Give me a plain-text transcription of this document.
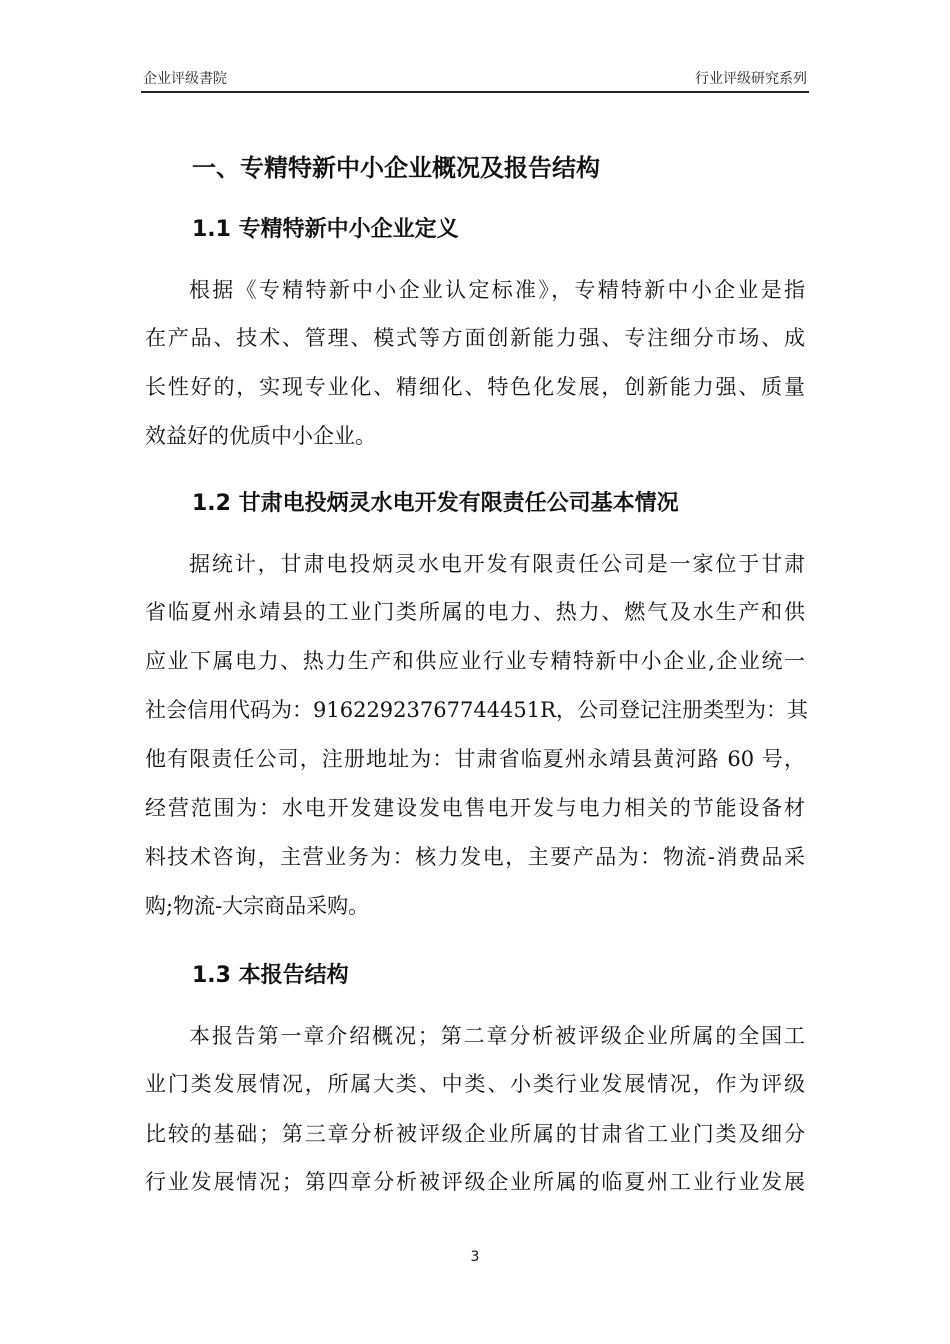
企业评级書院	行业评级研究系列
一、专精特新中小企业概况及报告结构
1.1 专精特新中小企业定义
根据《专精特新中小企业认定标准》，专精特新中小企业是指
在产品、技术、管理、模式等方面创新能力强、专注细分市场、成
长性好的，实现专业化、精细化、特色化发展，创新能力强、质量
效益好的优质中小企业。
1.2 甘肃电投炳灵水电开发有限责任公司基本情况
据统计，甘肃电投炳灵水电开发有限责任公司是一家位于甘肃
省临夏州永靖县的工业门类所属的电力、热力、燃气及水生产和供
应业下属电力、热力生产和供应业行业专精特新中小企业,企业统一
社会信用代码为：91622923767744451R，公司登记注册类型为：其
他有限责任公司，注册地址为：甘肃省临夏州永靖县黄河路 60 号，
经营范围为：水电开发建设发电售电开发与电力相关的节能设备材
料技术咨询，主营业务为：核力发电，主要产品为：物流-消费品采
购;物流-大宗商品采购。
1.3 本报告结构
本报告第一章介绍概况；第二章分析被评级企业所属的全国工
业门类发展情况，所属大类、中类、小类行业发展情况，作为评级
比较的基础；第三章分析被评级企业所属的甘肃省工业门类及细分
行业发展情况；第四章分析被评级企业所属的临夏州工业行业发展
3
